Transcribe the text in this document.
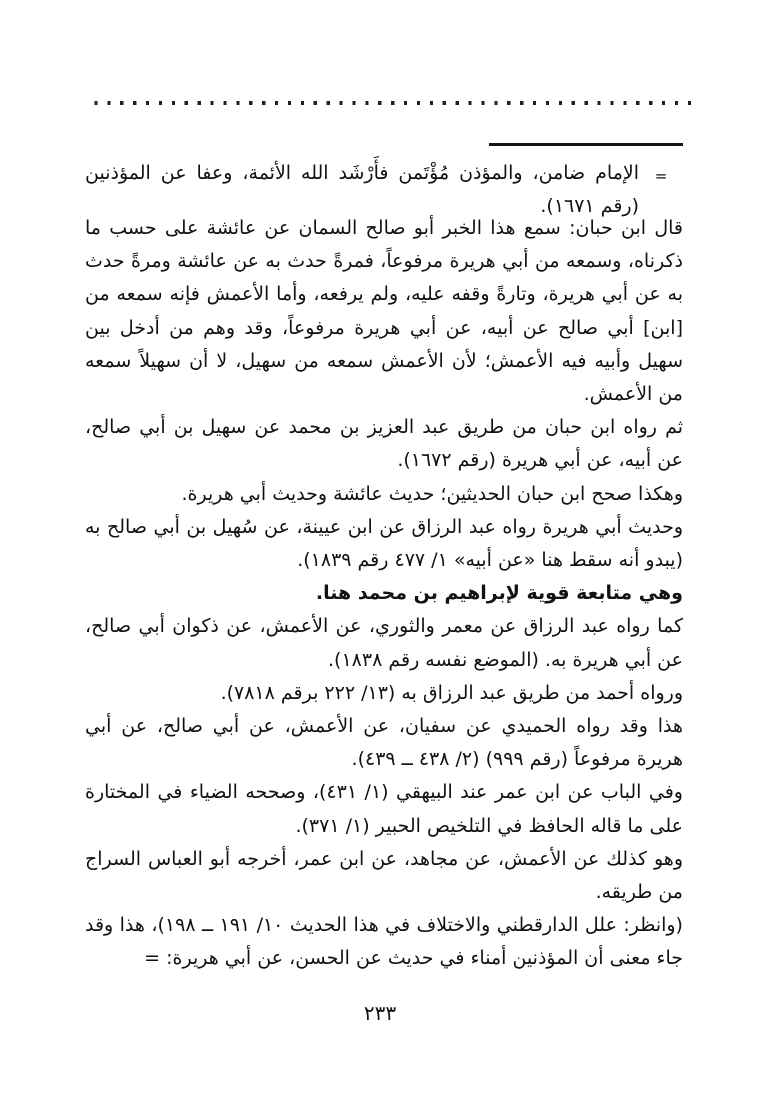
=
الإمام ضامن، والمؤذن مُؤْتَمن فأَرْشَد الله الأئمة، وعفا عن المؤذنين (رقم ١٦٧١).

قال ابن حبان: سمع هذا الخبر أبو صالح السمان عن عائشة على حسب ما ذكرناه، وسمعه من أبي هريرة مرفوعاً، فمرةً حدث به عن عائشة ومرةً حدث به عن أبي هريرة، وتارةً وقفه عليه، ولم يرفعه، وأما الأعمش فإنه سمعه من [ابن] أبي صالح عن أبيه، عن أبي هريرة مرفوعاً، وقد وهم من أدخل بين سهيل وأبيه فيه الأعمش؛ لأن الأعمش سمعه من سهيل، لا أن سهيلاً سمعه من الأعمش.

ثم رواه ابن حبان من طريق عبد العزيز بن محمد عن سهيل بن أبي صالح، عن أبيه، عن أبي هريرة (رقم ١٦٧٢).

وهكذا صحح ابن حبان الحديثين؛ حديث عائشة وحديث أبي هريرة.

وحديث أبي هريرة رواه عبد الرزاق عن ابن عيينة، عن سُهيل بن أبي صالح به (يبدو أنه سقط هنا «عن أبيه» ١/ ٤٧٧ رقم ١٨٣٩).

وهي متابعة قوية لإبراهيم بن محمد هنا.

كما رواه عبد الرزاق عن معمر والثوري، عن الأعمش، عن ذكوان أبي صالح، عن أبي هريرة به. (الموضع نفسه رقم ١٨٣٨).

ورواه أحمد من طريق عبد الرزاق به (١٣/ ٢٢٢ برقم ٧٨١٨).

هذا وقد رواه الحميدي عن سفيان، عن الأعمش، عن أبي صالح، عن أبي هريرة مرفوعاً (رقم ٩٩٩) (٢/ ٤٣٨ ــ ٤٣٩).

وفي الباب عن ابن عمر عند البيهقي (١/ ٤٣١)، وصححه الضياء في المختارة على ما قاله الحافظ في التلخيص الحبير (١/ ٣٧١).

وهو كذلك عن الأعمش، عن مجاهد، عن ابن عمر، أخرجه أبو العباس السراج من طريقه.

(وانظر: علل الدارقطني والاختلاف في هذا الحديث ١٠/ ١٩١ ــ ١٩٨)، هذا وقد جاء معنى أن المؤذنين أمناء في حديث عن الحسن، عن أبي هريرة: =

٢٣٣
